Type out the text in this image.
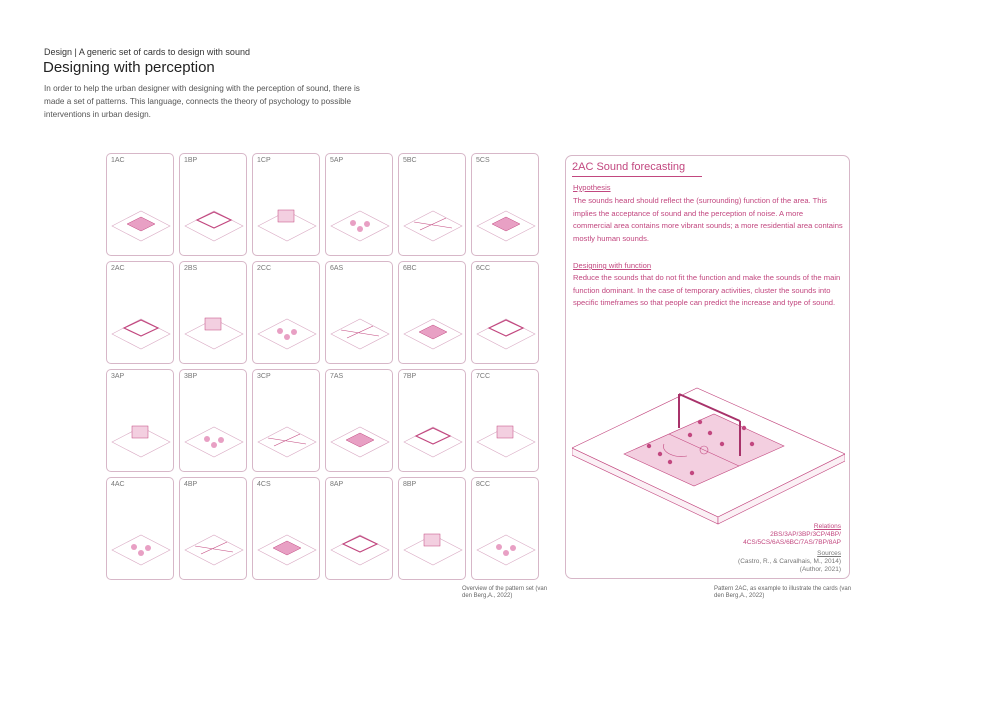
Design | A generic set of cards to design with sound
Designing with perception

In order to help the urban designer with designing with the perception of sound, there is made a set of patterns. This language, connects the theory of psychology to possible interventions in urban design.

1AC	1BP	1CP	5AP	5BC	5CS
2AC	2BS	2CC	6AS	6BC	6CC
3AP	3BP	3CP	7AS	7BP	7CC
4AC	4BP	4CS	8AP	8BP	8CC
2AC Sound forecasting
Hypothesis
The sounds heard should reflect the (surrounding) function of the area. This implies the acceptance of sound and the perception of noise. A more commercial area contains more vibrant sounds; a more residential area contains mostly human sounds.
Designing with function
Reduce the sounds that do not fit the function and make the sounds of the main function dominant. In the case of temporary activities, cluster the sounds into specific timeframes so that people can predict the increase and type of sound.
Relations
2BS/3AP/3BP/3CP/4BP/ 4CS/5CS/6AS/6BC/7AS/7BP/8AP
Sources
(Castro, R., & Carvalhais, M., 2014) (Author, 2021)
Overview of the pattern set (van den Berg,A., 2022)
Pattern 2AC, as example to illustrate the cards (van den Berg,A., 2022)
